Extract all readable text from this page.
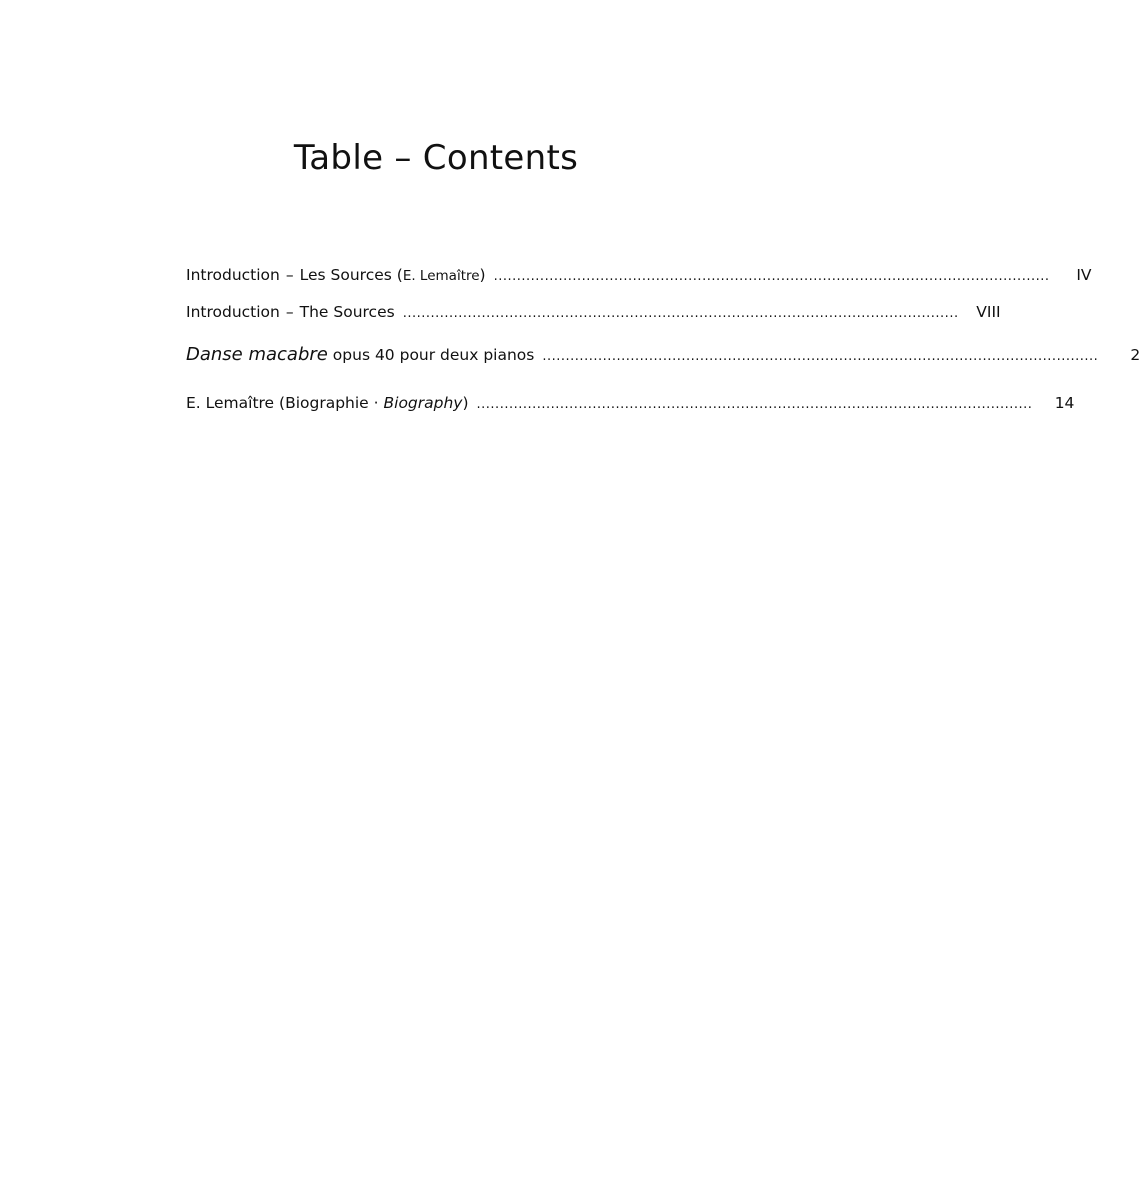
Table – Contents
Introduction – Les Sources (E. Lemaître) ........................................................................................................................	IV
Introduction – The Sources ........................................................................................................................	VIII
Danse macabre opus 40 pour deux pianos ........................................................................................................................	2
E. Lemaître (Biographie · Biography) ........................................................................................................................	14
